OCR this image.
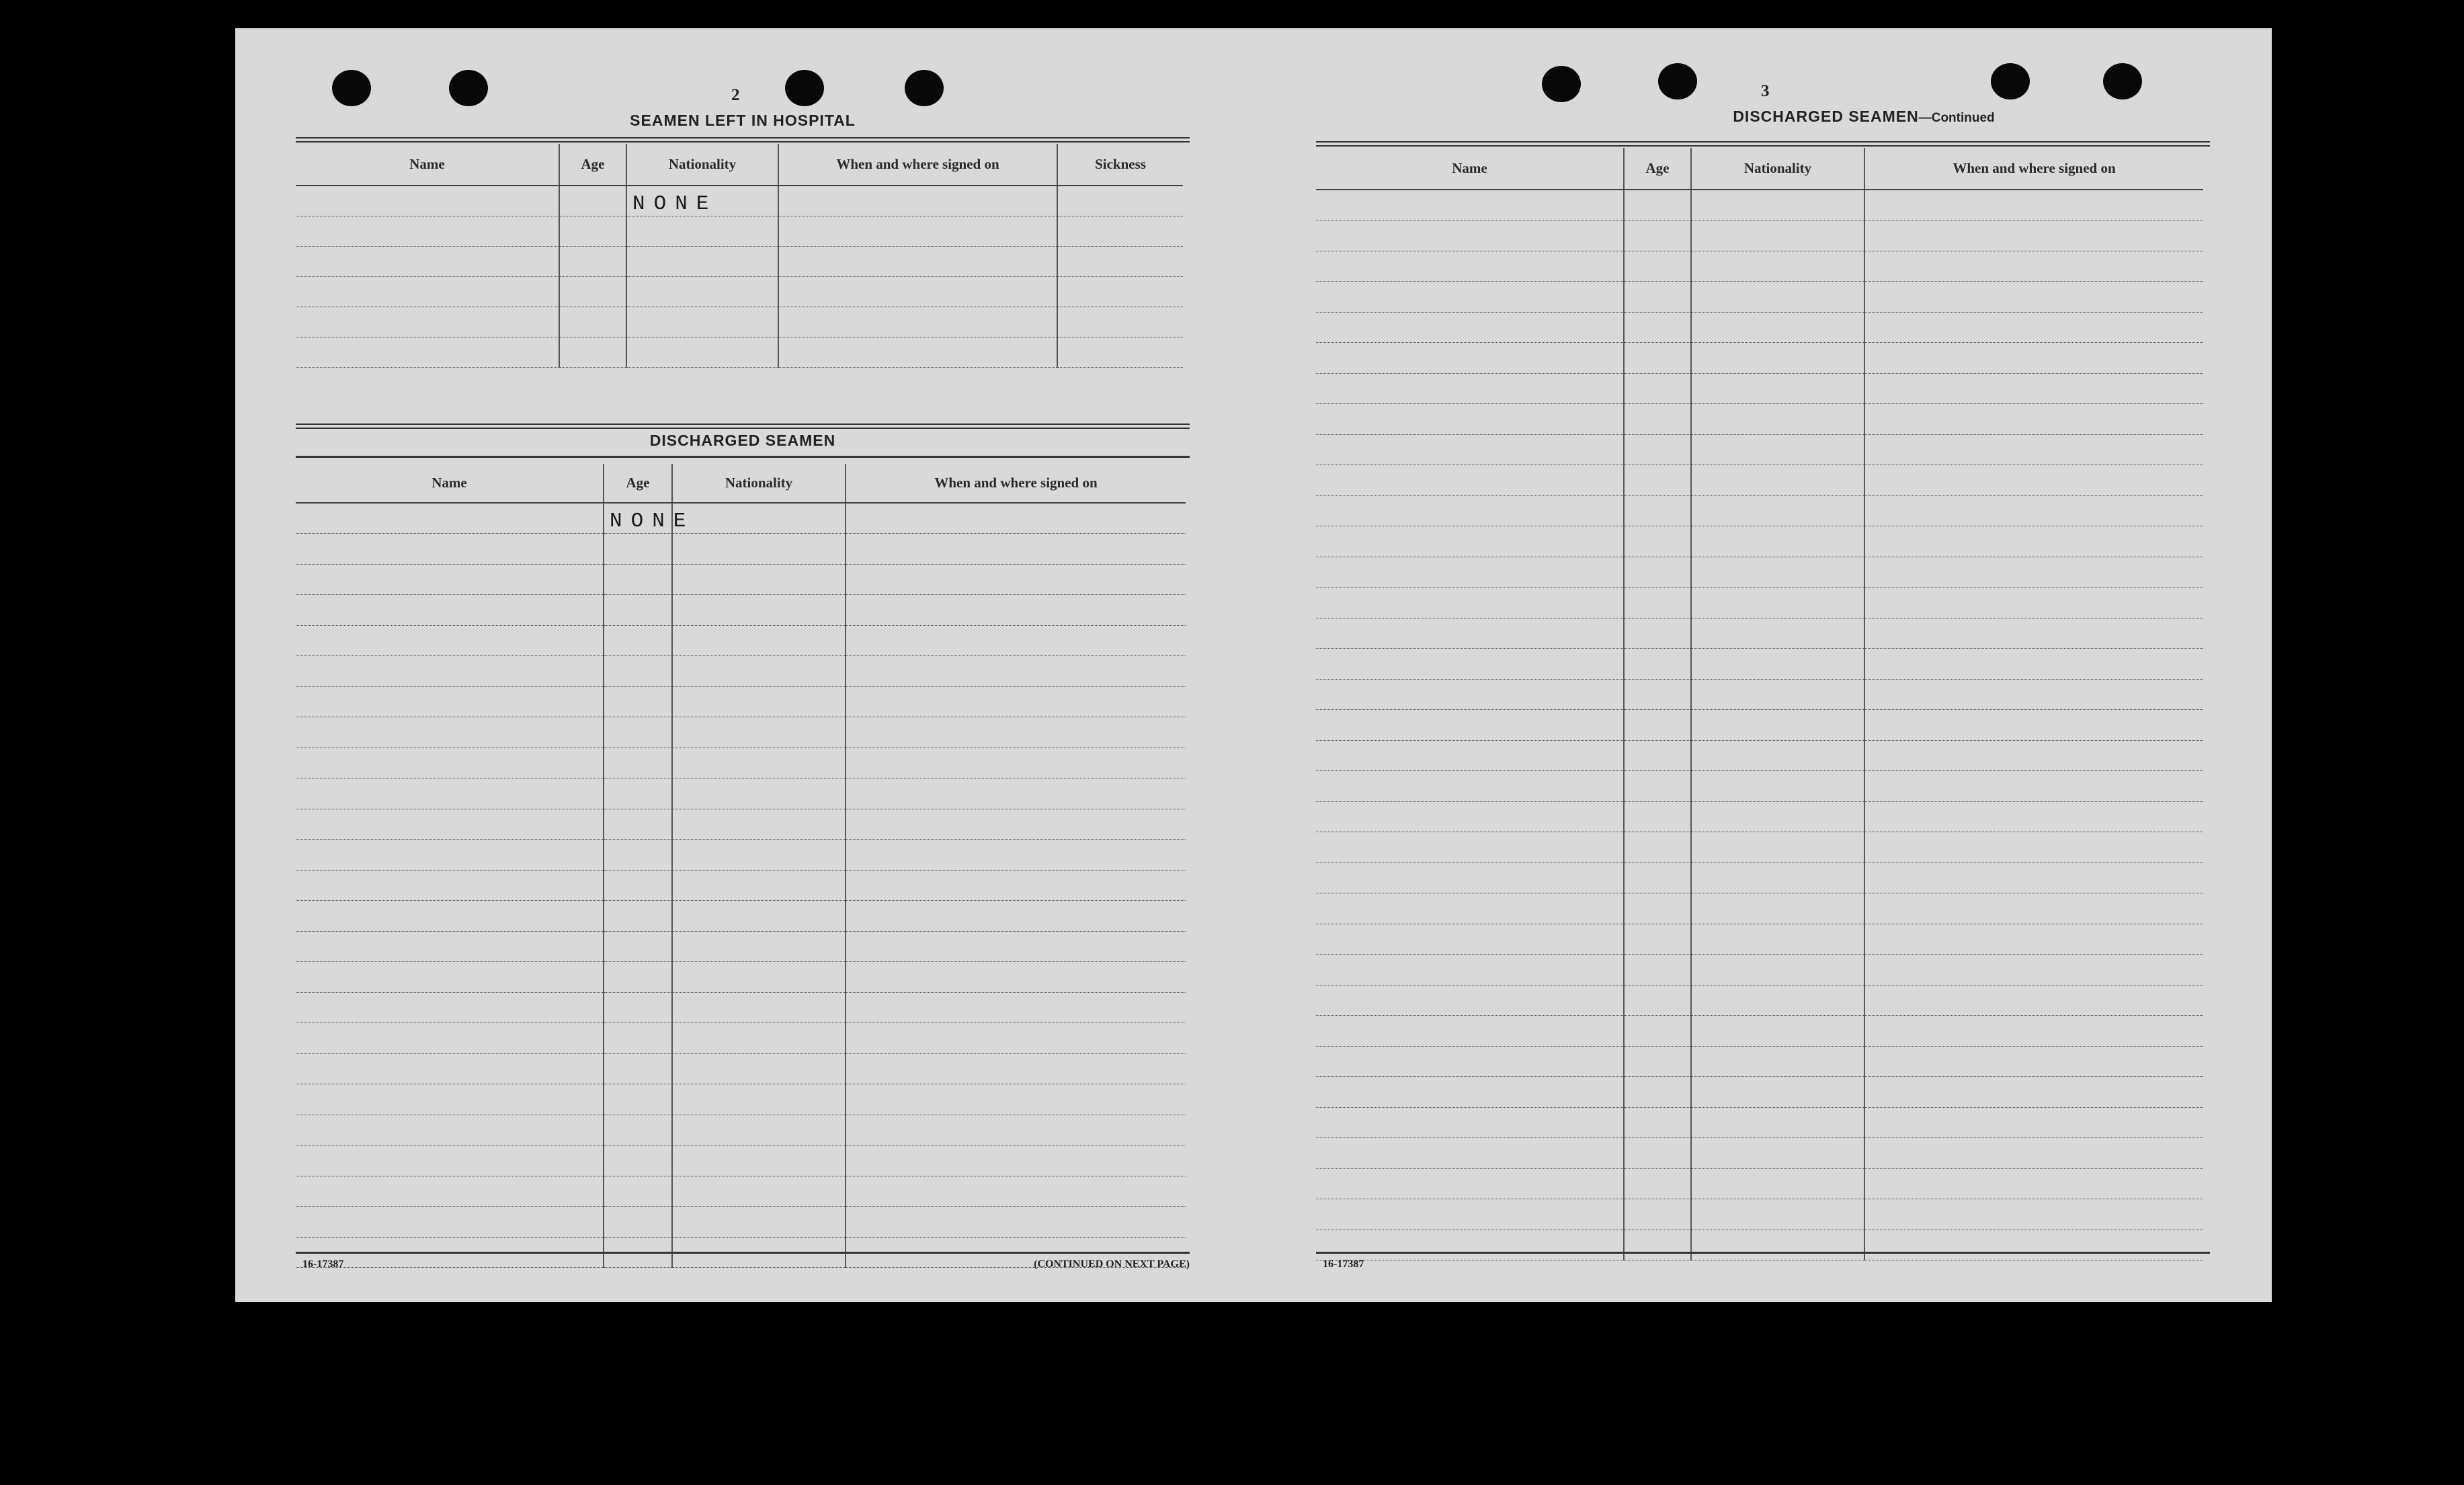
2
SEAMEN LEFT IN HOSPITAL
Name	Age	Nationality	When and where signed on	Sickness
		NONE		

DISCHARGED SEAMEN
Name	Age	Nationality	When and where signed on
	NONE		

16-17387	(CONTINUED ON NEXT PAGE)
3
DISCHARGED SEAMEN—Continued
Name	Age	Nationality	When and where signed on

16-17387
